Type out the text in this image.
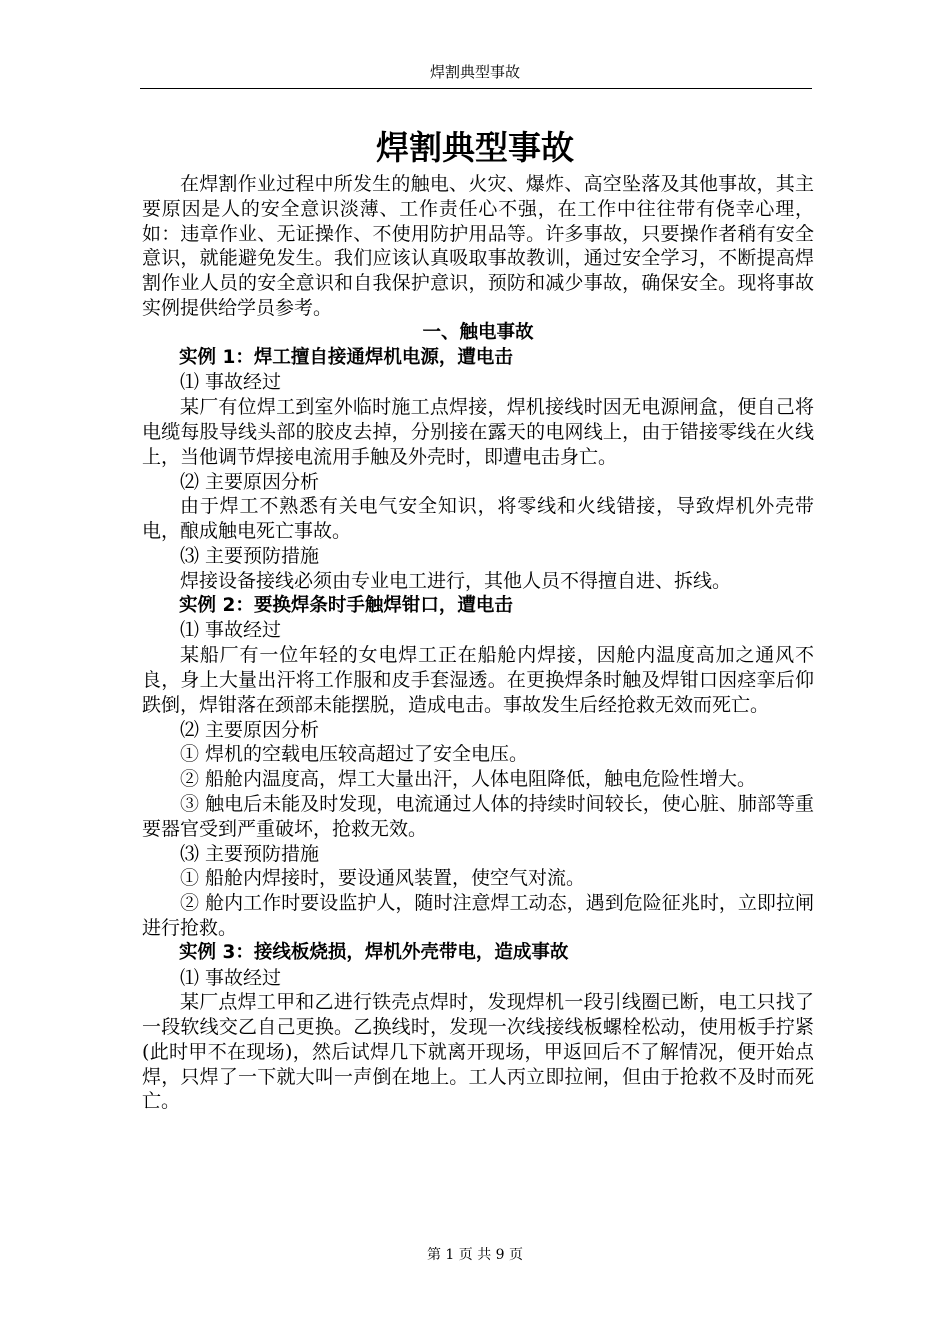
焊割典型事故
焊割典型事故

在焊割作业过程中所发生的触电、火灾、爆炸、高空坠落及其他事故，其主要原因是人的安全意识淡薄、工作责任心不强，在工作中往往带有侥幸心理，如：违章作业、无证操作、不使用防护用品等。许多事故，只要操作者稍有安全意识，就能避免发生。我们应该认真吸取事故教训，通过安全学习，不断提高焊割作业人员的安全意识和自我保护意识，预防和减少事故，确保安全。现将事故实例提供给学员参考。

一、触电事故

实例 1：焊工擅自接通焊机电源，遭电击

⑴ 事故经过

某厂有位焊工到室外临时施工点焊接，焊机接线时因无电源闸盒，便自己将电缆每股导线头部的胶皮去掉，分别接在露天的电网线上，由于错接零线在火线上，当他调节焊接电流用手触及外壳时，即遭电击身亡。

⑵ 主要原因分析

由于焊工不熟悉有关电气安全知识，将零线和火线错接，导致焊机外壳带电，酿成触电死亡事故。

⑶ 主要预防措施

焊接设备接线必须由专业电工进行，其他人员不得擅自进、拆线。

实例 2：要换焊条时手触焊钳口，遭电击

⑴ 事故经过

某船厂有一位年轻的女电焊工正在船舱内焊接，因舱内温度高加之通风不良，身上大量出汗将工作服和皮手套湿透。在更换焊条时触及焊钳口因痉挛后仰跌倒，焊钳落在颈部未能摆脱，造成电击。事故发生后经抢救无效而死亡。

⑵ 主要原因分析

① 焊机的空载电压较高超过了安全电压。

② 船舱内温度高，焊工大量出汗，人体电阻降低，触电危险性增大。

③ 触电后未能及时发现，电流通过人体的持续时间较长，使心脏、肺部等重要器官受到严重破坏，抢救无效。

⑶ 主要预防措施

① 船舱内焊接时，要设通风装置，使空气对流。

② 舱内工作时要设监护人，随时注意焊工动态，遇到危险征兆时，立即拉闸进行抢救。

实例 3：接线板烧损，焊机外壳带电，造成事故

⑴ 事故经过

某厂点焊工甲和乙进行铁壳点焊时，发现焊机一段引线圈已断，电工只找了一段软线交乙自己更换。乙换线时，发现一次线接线板螺栓松动，使用板手拧紧(此时甲不在现场)，然后试焊几下就离开现场，甲返回后不了解情况，便开始点焊，只焊了一下就大叫一声倒在地上。工人丙立即拉闸，但由于抢救不及时而死亡。

第 1 页 共 9 页
